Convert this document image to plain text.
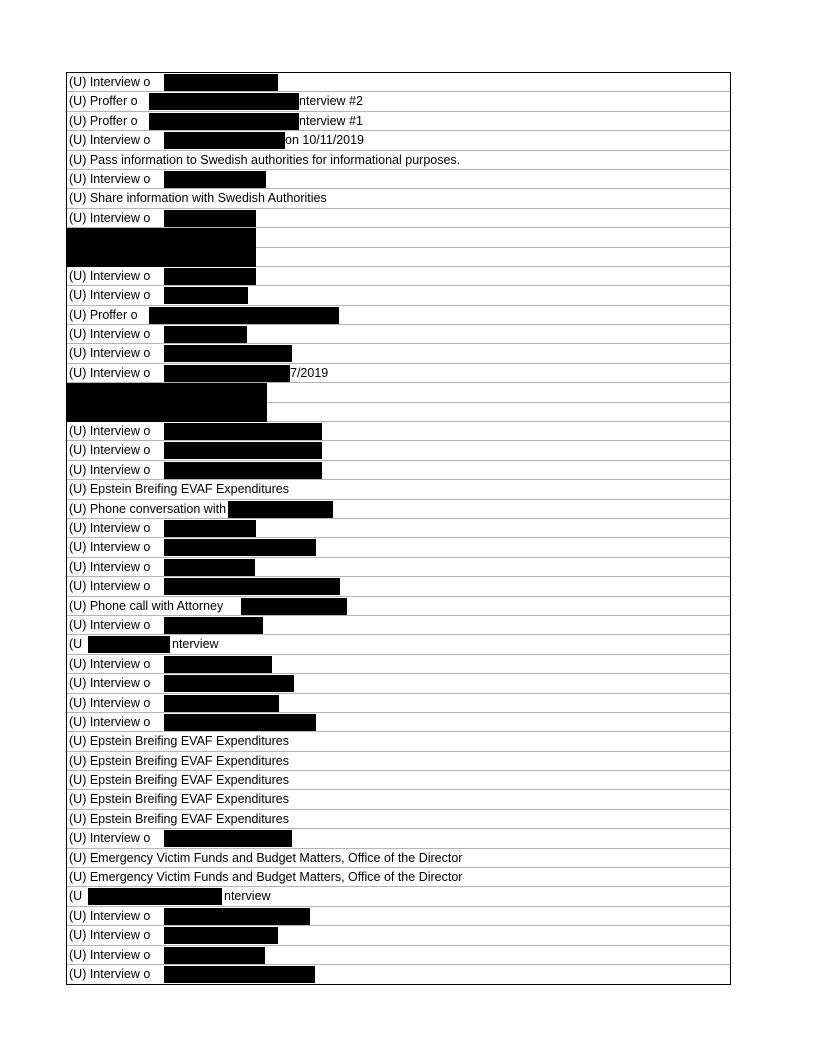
(U) Interview o
(U) Proffer o	nterview #2
(U) Proffer o	nterview #1
(U) Interview o	on 10/11/2019
(U) Pass information to Swedish authorities for informational purposes.
(U) Interview o
(U) Share information with Swedish Authorities
(U) Interview o
(U) Interview o
(U) Interview o
(U) Proffer o
(U) Interview o
(U) Interview o
(U) Interview o	7/2019
(U) Interview o
(U) Interview o
(U) Interview o
(U) Epstein Breifing EVAF Expenditures
(U) Phone conversation with
(U) Interview o
(U) Interview o
(U) Interview o
(U) Interview o
(U) Phone call with Attorney
(U) Interview o
(U	nterview
(U) Interview o
(U) Interview o
(U) Interview o
(U) Interview o
(U) Epstein Breifing EVAF Expenditures
(U) Epstein Breifing EVAF Expenditures
(U) Epstein Breifing EVAF Expenditures
(U) Epstein Breifing EVAF Expenditures
(U) Epstein Breifing EVAF Expenditures
(U) Interview o
(U) Emergency Victim Funds and Budget Matters, Office of the Director
(U) Emergency Victim Funds and Budget Matters, Office of the Director
(U	nterview
(U) Interview o
(U) Interview o
(U) Interview o
(U) Interview o
